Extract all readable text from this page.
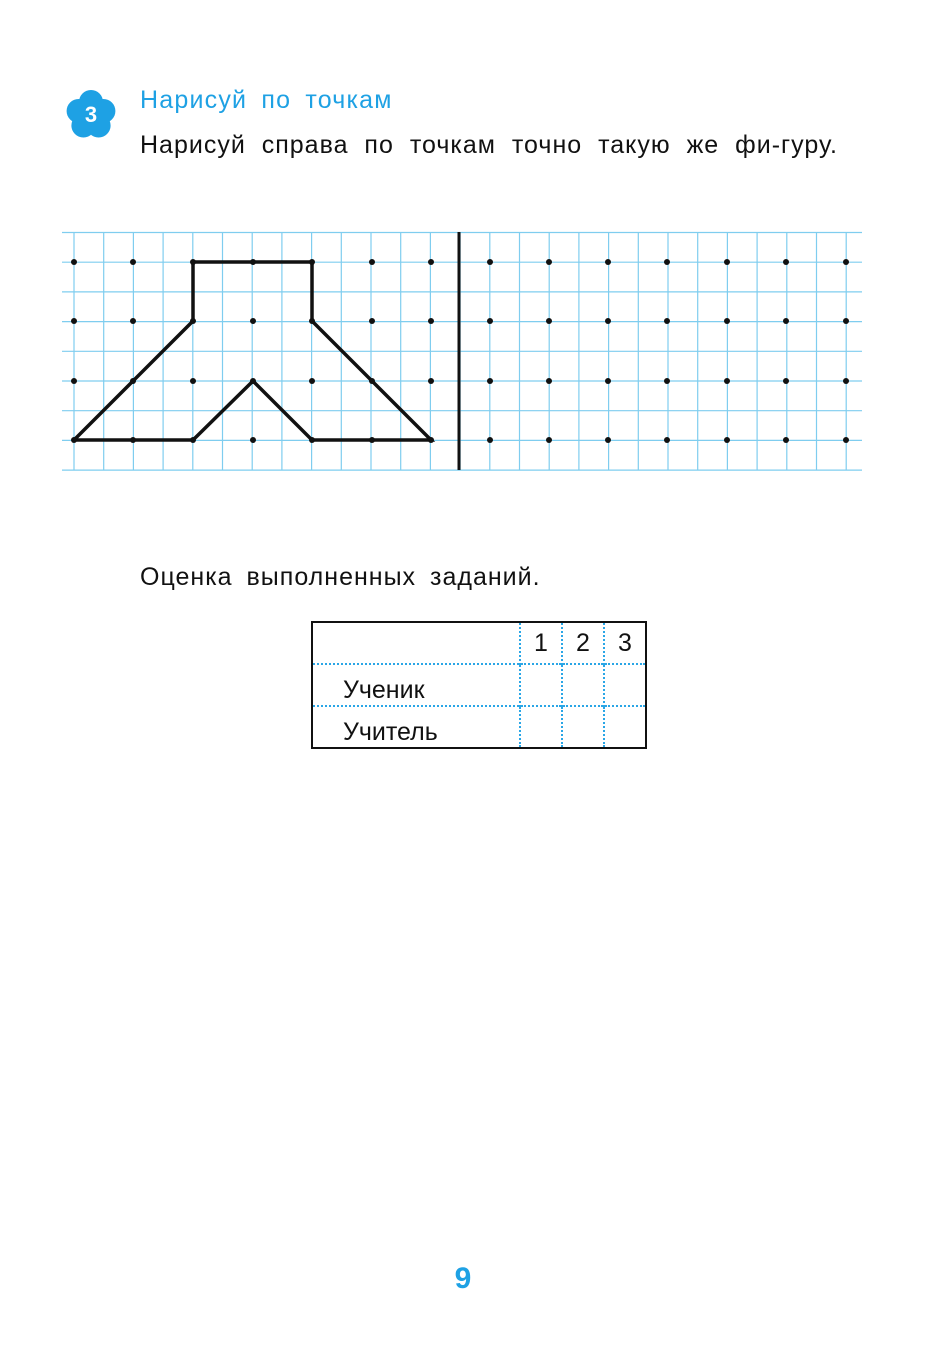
3
Нарисуй по точкам
Нарисуй справа по точкам точно такую же фи-гуру.
Оценка выполненных заданий.
	1	2	3
Ученик			
Учитель			
9
